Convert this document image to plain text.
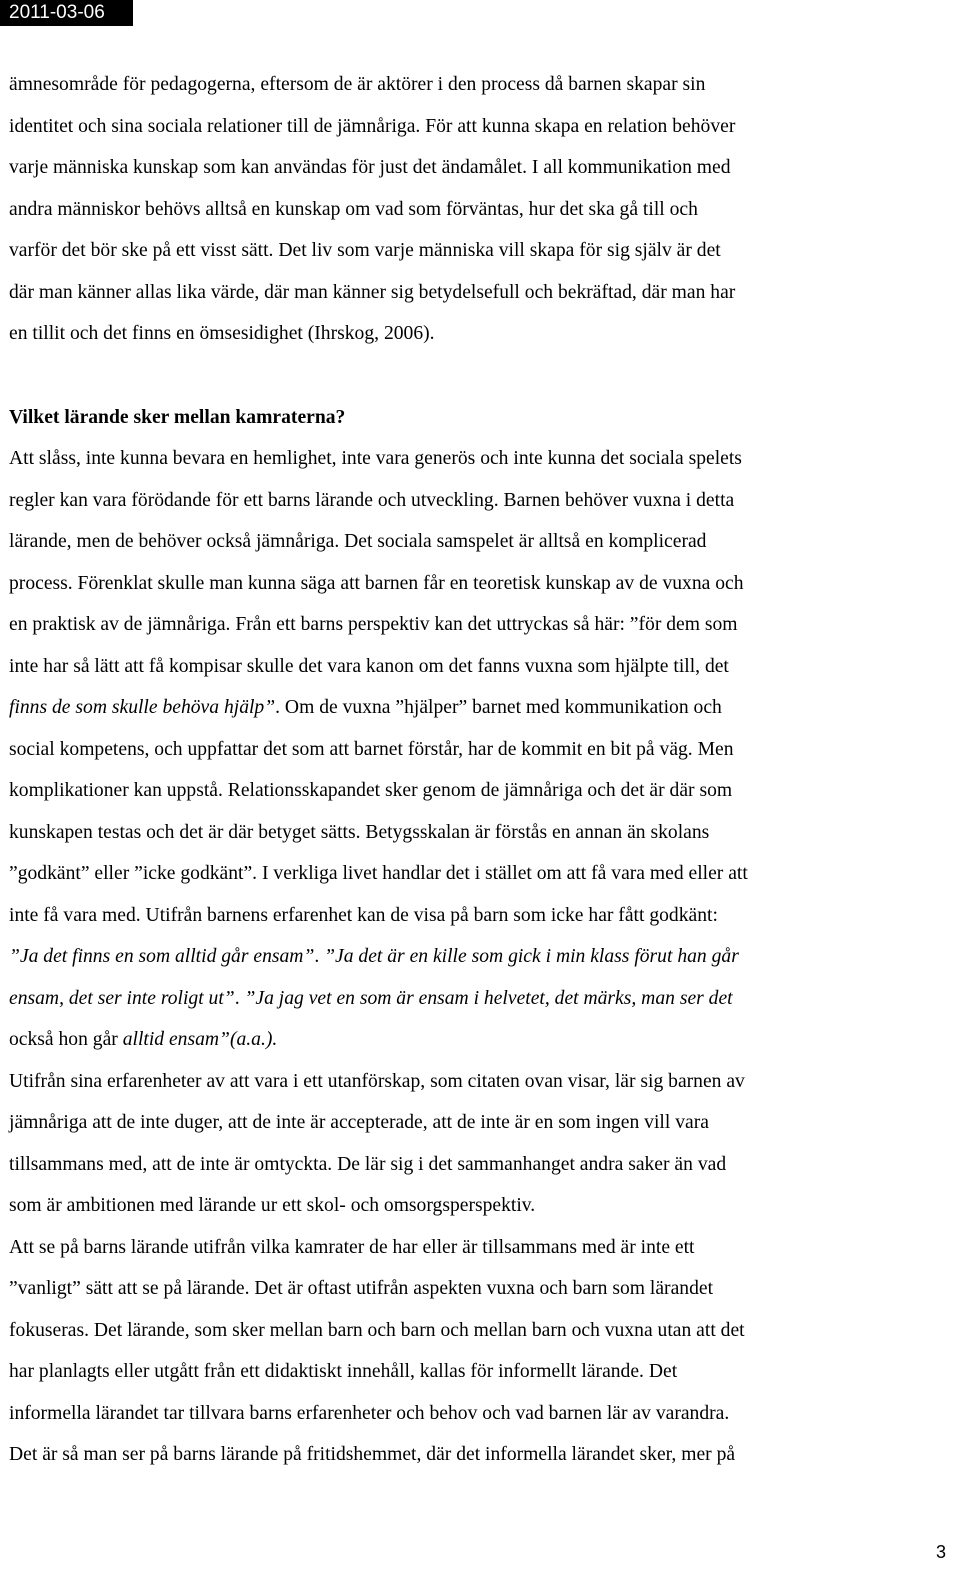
2011-03-06
ämnesområde för pedagogerna, eftersom de är aktörer i den process då barnen skapar sin
identitet och sina sociala relationer till de jämnåriga. För att kunna skapa en relation behöver
varje människa kunskap som kan användas för just det ändamålet. I all kommunikation med
andra människor behövs alltså en kunskap om vad som förväntas, hur det ska gå till och
varför det bör ske på ett visst sätt. Det liv som varje människa vill skapa för sig själv är det
där man känner allas lika värde, där man känner sig betydelsefull och bekräftad, där man har
en tillit och det finns en ömsesidighet (Ihrskog, 2006).
Vilket lärande sker mellan kamraterna?
Att slåss, inte kunna bevara en hemlighet, inte vara generös och inte kunna det sociala spelets
regler kan vara förödande för ett barns lärande och utveckling. Barnen behöver vuxna i detta
lärande, men de behöver också jämnåriga. Det sociala samspelet är alltså en komplicerad
process. Förenklat skulle man kunna säga att barnen får en teoretisk kunskap av de vuxna och
en praktisk av de jämnåriga. Från ett barns perspektiv kan det uttryckas så här: ”för dem som
inte har så lätt att få kompisar skulle det vara kanon om det fanns vuxna som hjälpte till, det
finns de som skulle behöva hjälp”. Om de vuxna ”hjälper” barnet med kommunikation och
social kompetens, och uppfattar det som att barnet förstår, har de kommit en bit på väg. Men
komplikationer kan uppstå. Relationsskapandet sker genom de jämnåriga och det är där som
kunskapen testas och det är där betyget sätts. Betygsskalan är förstås en annan än skolans
”godkänt” eller ”icke godkänt”. I verkliga livet handlar det i stället om att få vara med eller att
inte få vara med. Utifrån barnens erfarenhet kan de visa på barn som icke har fått godkänt:
”Ja det finns en som alltid går ensam”. ”Ja det är en kille som gick i min klass förut han går
ensam, det ser inte roligt ut”. ”Ja jag vet en som är ensam i helvetet, det märks, man ser det
också hon går alltid ensam”(a.a.).
Utifrån sina erfarenheter av att vara i ett utanförskap, som citaten ovan visar, lär sig barnen av
jämnåriga att de inte duger, att de inte är accepterade, att de inte är en som ingen vill vara
tillsammans med, att de inte är omtyckta. De lär sig i det sammanhanget andra saker än vad
som är ambitionen med lärande ur ett skol- och omsorgsperspektiv.
Att se på barns lärande utifrån vilka kamrater de har eller är tillsammans med är inte ett
”vanligt” sätt att se på lärande. Det är oftast utifrån aspekten vuxna och barn som lärandet
fokuseras. Det lärande, som sker mellan barn och barn och mellan barn och vuxna utan att det
har planlagts eller utgått från ett didaktiskt innehåll, kallas för informellt lärande. Det
informella lärandet tar tillvara barns erfarenheter och behov och vad barnen lär av varandra.
Det är så man ser på barns lärande på fritidshemmet, där det informella lärandet sker, mer på
3
